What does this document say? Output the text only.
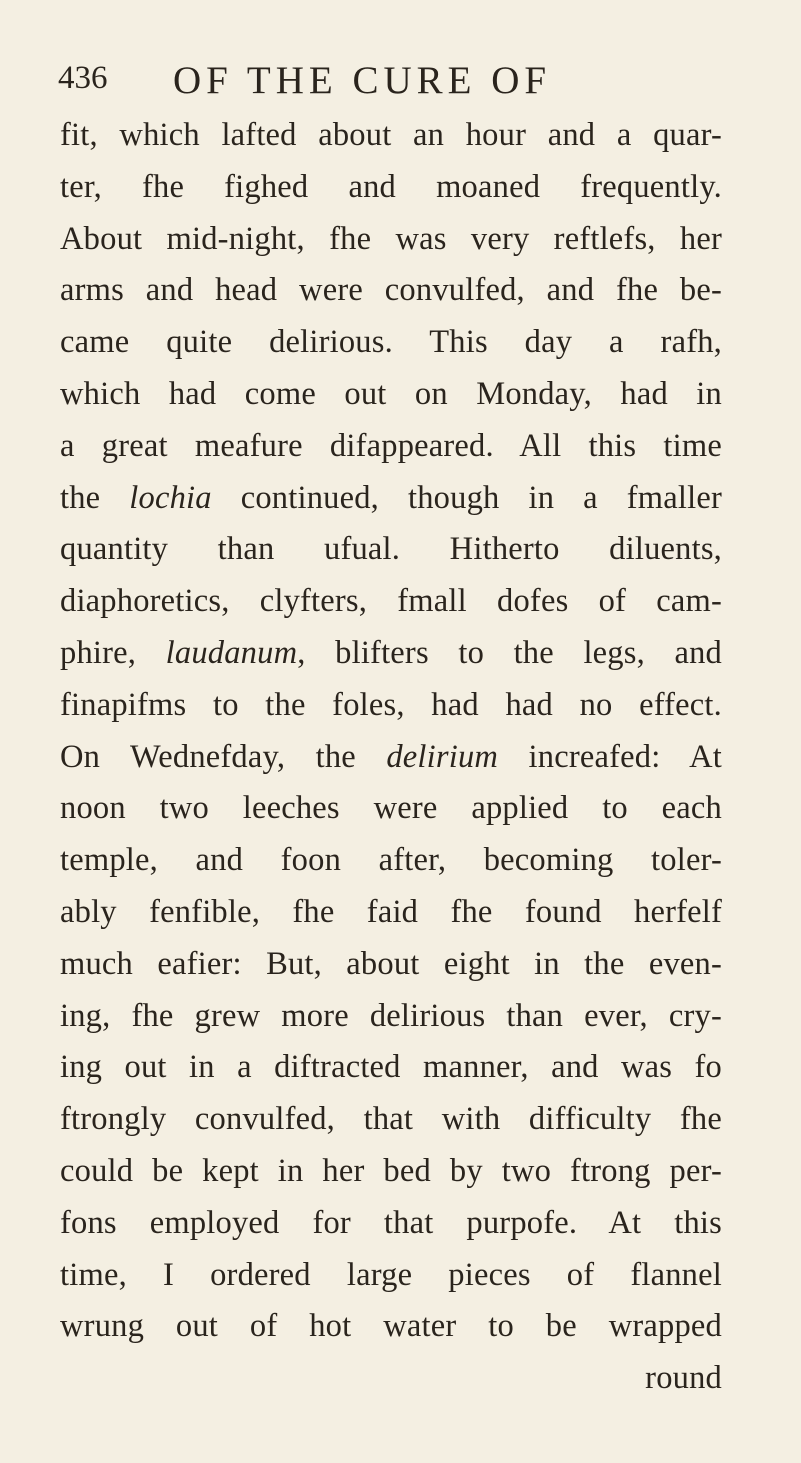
436 OF THE CURE OF
fit, which lafted about an hour and a quar-
ter, fhe fighed and moaned frequently.
About mid-night, fhe was very reftlefs, her
arms and head were convulfed, and fhe be-
came quite delirious. This day a rafh,
which had come out on Monday, had in
a great meafure difappeared. All this time
the lochia continued, though in a fmaller
quantity than ufual. Hitherto diluents,
diaphoretics, clyfters, fmall dofes of cam-
phire, laudanum, blifters to the legs, and
finapifms to the foles, had had no effect.
On Wednefday, the delirium increafed: At
noon two leeches were applied to each
temple, and foon after, becoming toler-
ably fenfible, fhe faid fhe found herfelf
much eafier: But, about eight in the even-
ing, fhe grew more delirious than ever, cry-
ing out in a diftracted manner, and was fo
ftrongly convulfed, that with difficulty fhe
could be kept in her bed by two ftrong per-
fons employed for that purpofe. At this
time, I ordered large pieces of flannel
wrung out of hot water to be wrapped
round
